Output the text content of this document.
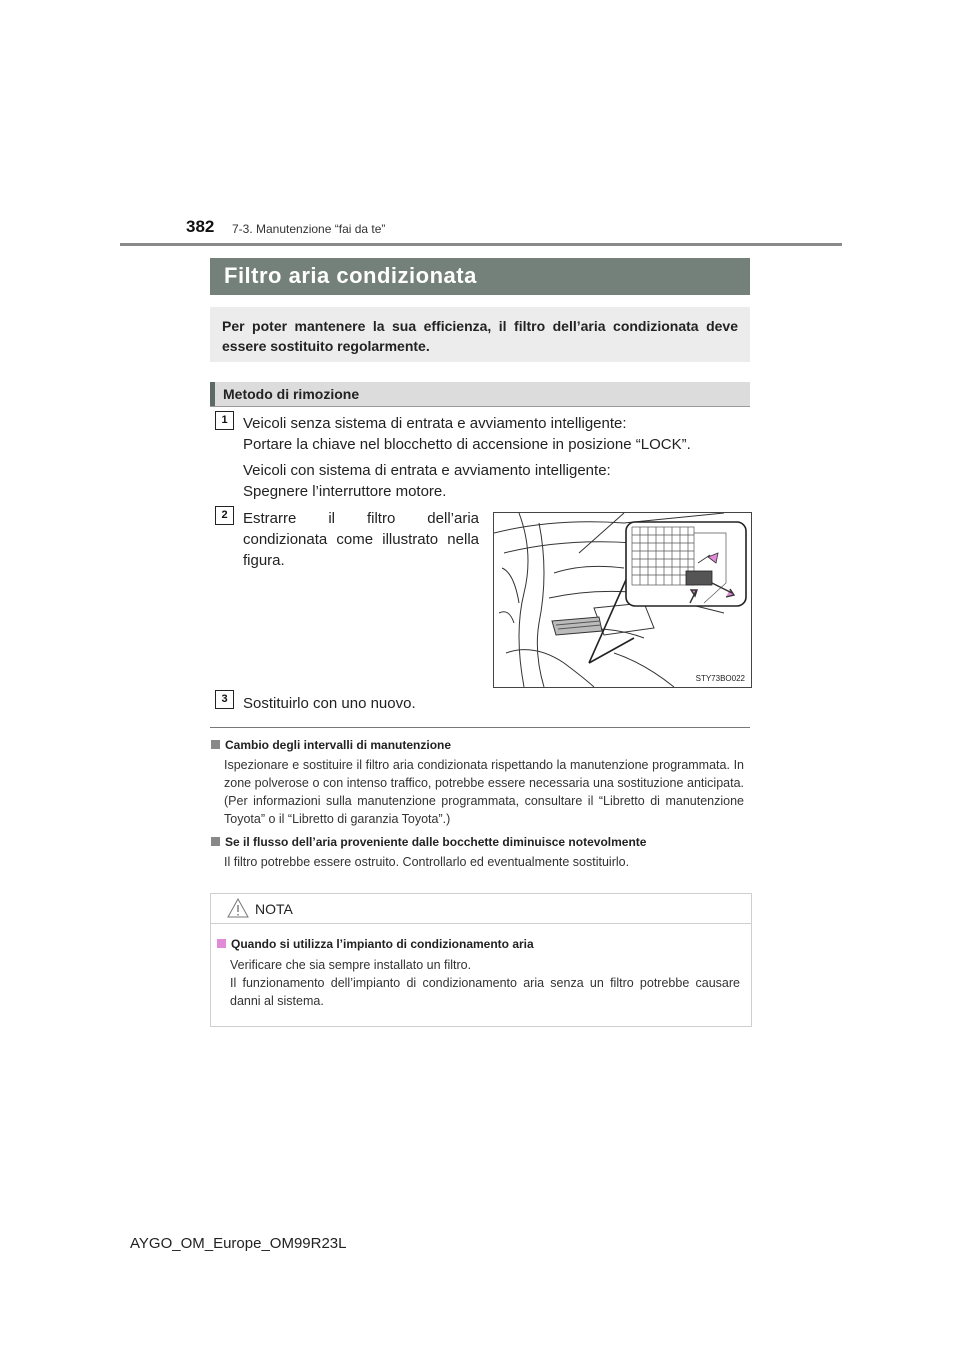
382 7-3. Manutenzione “fai da te”
Filtro aria condizionata
Per poter mantenere la sua efficienza, il filtro dell’aria condizionata deve essere sostituito regolarmente.
Metodo di rimozione
1	Veicoli senza sistema di entrata e avviamento intelligente:
Portare la chiave nel blocchetto di accensione in posizione “LOCK”.
Veicoli con sistema di entrata e avviamento intelligente:
Spegnere l’interruttore motore.
2	Estrarre il filtro dell’aria condizionata come illustrato nella figura.
STY73BO022
3	Sostituirlo con uno nuovo.
Cambio degli intervalli di manutenzione
Ispezionare e sostituire il filtro aria condizionata rispettando la manutenzione programmata. In zone polverose o con intenso traffico, potrebbe essere necessaria una sostituzione anticipata. (Per informazioni sulla manutenzione programmata, consultare il “Libretto di manutenzione Toyota” o il “Libretto di garanzia Toyota”.)
Se il flusso dell’aria proveniente dalle bocchette diminuisce notevolmente
Il filtro potrebbe essere ostruito. Controllarlo ed eventualmente sostituirlo.
NOTA
Quando si utilizza l’impianto di condizionamento aria
Verificare che sia sempre installato un filtro.
Il funzionamento dell’impianto di condizionamento aria senza un filtro potrebbe causare danni al sistema.
AYGO_OM_Europe_OM99R23L
